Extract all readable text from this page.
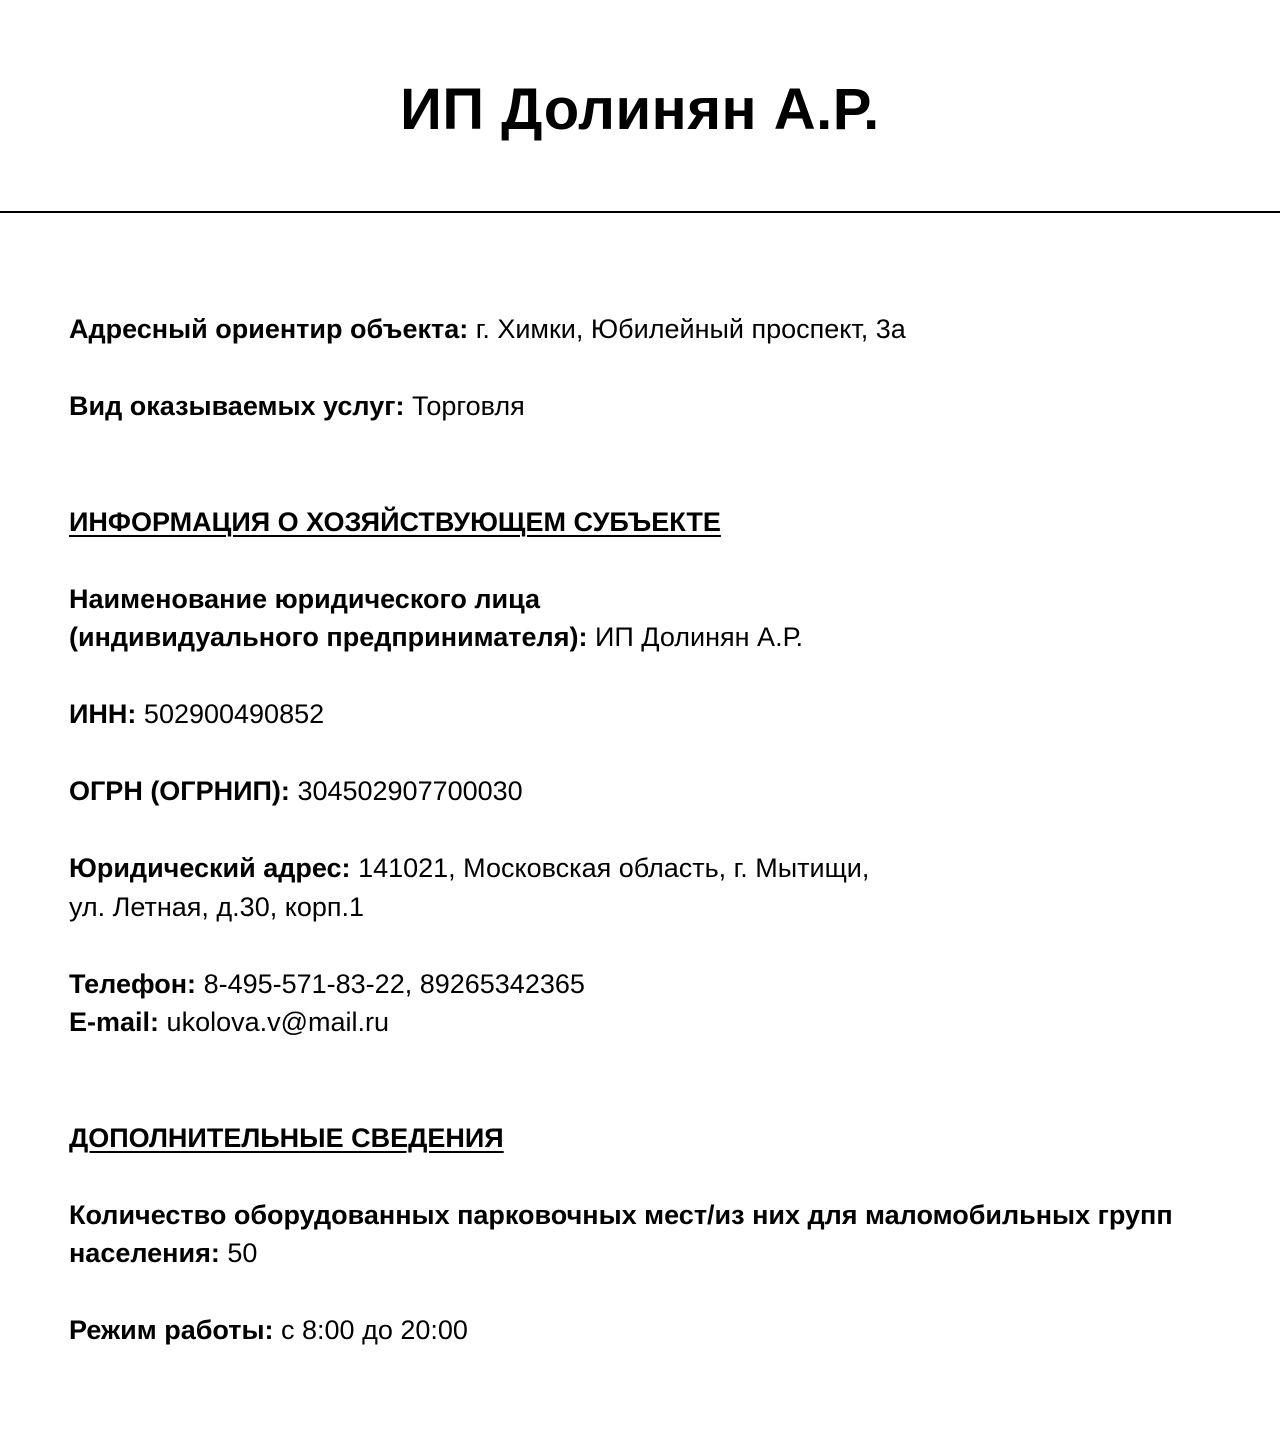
ИП Долинян А.Р.
Адресный ориентир объекта: г. Химки, Юбилейный проспект, 3а
Вид оказываемых услуг: Торговля
ИНФОРМАЦИЯ О ХОЗЯЙСТВУЮЩЕМ СУБЪЕКТЕ
Наименование юридического лица
(индивидуального предпринимателя): ИП Долинян А.Р.
ИНН: 502900490852
ОГРН (ОГРНИП): 304502907700030
Юридический адрес: 141021, Московская область, г. Мытищи,
ул. Летная, д.30, корп.1
Телефон: 8-495-571-83-22, 89265342365
E-mail: ukolova.v@mail.ru
ДОПОЛНИТЕЛЬНЫЕ СВЕДЕНИЯ
Количество оборудованных парковочных мест/из них для маломобильных групп
населения: 50
Режим работы: с 8:00 до 20:00
